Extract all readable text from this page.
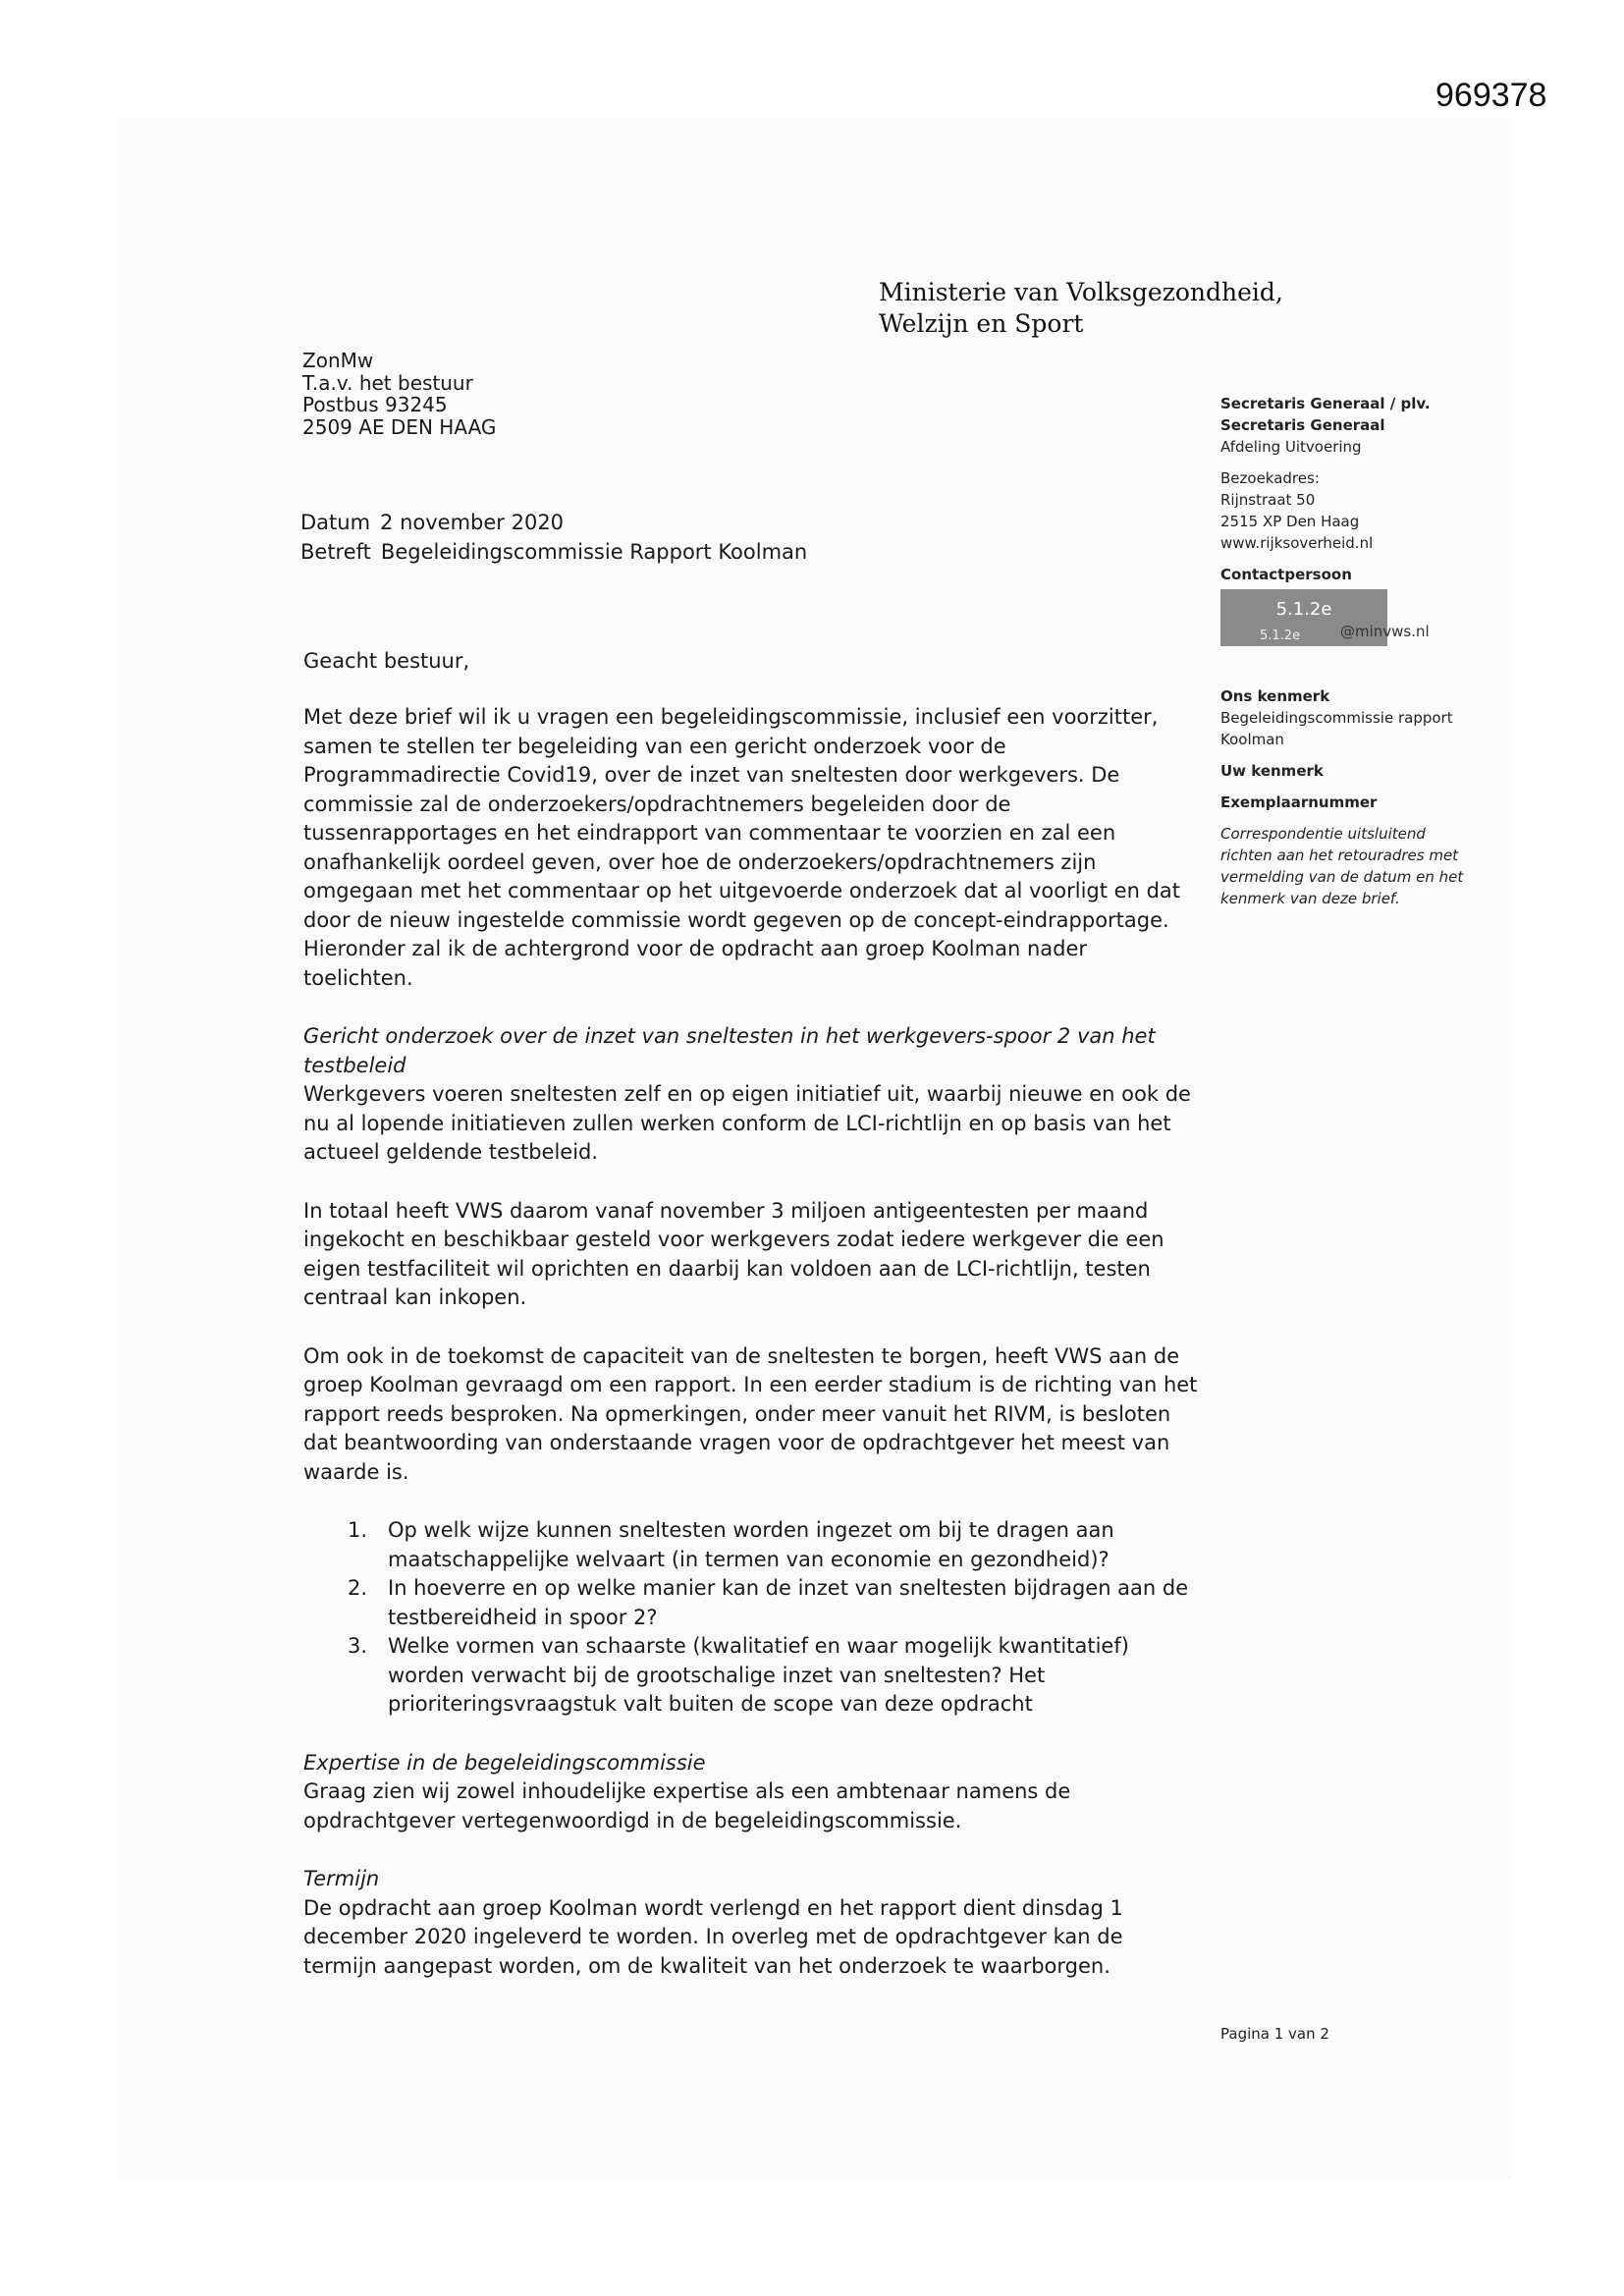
969378
Ministerie van Volksgezondheid,
Welzijn en Sport
ZonMw
T.a.v. het bestuur
Postbus 93245
2509 AE DEN HAAG
Datum 2 november 2020
Betreft Begeleidingscommissie Rapport Koolman
Geacht bestuur,

Met deze brief wil ik u vragen een begeleidingscommissie, inclusief een voorzitter, samen te stellen ter begeleiding van een gericht onderzoek voor de Programmadirectie Covid19, over de inzet van sneltesten door werkgevers. De commissie zal de onderzoekers/opdrachtnemers begeleiden door de tussenrapportages en het eindrapport van commentaar te voorzien en zal een onafhankelijk oordeel geven, over hoe de onderzoekers/opdrachtnemers zijn omgegaan met het commentaar op het uitgevoerde onderzoek dat al voorligt en dat door de nieuw ingestelde commissie wordt gegeven op de concept-eindrapportage. Hieronder zal ik de achtergrond voor de opdracht aan groep Koolman nader toelichten.

Gericht onderzoek over de inzet van sneltesten in het werkgevers-spoor 2 van het testbeleid

Werkgevers voeren sneltesten zelf en op eigen initiatief uit, waarbij nieuwe en ook de nu al lopende initiatieven zullen werken conform de LCI-richtlijn en op basis van het actueel geldende testbeleid.

In totaal heeft VWS daarom vanaf november 3 miljoen antigeentesten per maand ingekocht en beschikbaar gesteld voor werkgevers zodat iedere werkgever die een eigen testfaciliteit wil oprichten en daarbij kan voldoen aan de LCI-richtlijn, testen centraal kan inkopen.

Om ook in de toekomst de capaciteit van de sneltesten te borgen, heeft VWS aan de groep Koolman gevraagd om een rapport. In een eerder stadium is de richting van het rapport reeds besproken. Na opmerkingen, onder meer vanuit het RIVM, is besloten dat beantwoording van onderstaande vragen voor de opdrachtgever het meest van waarde is.

1. Op welk wijze kunnen sneltesten worden ingezet om bij te dragen aan maatschappelijke welvaart (in termen van economie en gezondheid)?
2. In hoeverre en op welke manier kan de inzet van sneltesten bijdragen aan de testbereidheid in spoor 2?
3. Welke vormen van schaarste (kwalitatief en waar mogelijk kwantitatief) worden verwacht bij de grootschalige inzet van sneltesten? Het prioriteringsvraagstuk valt buiten de scope van deze opdracht

Expertise in de begeleidingscommissie

Graag zien wij zowel inhoudelijke expertise als een ambtenaar namens de opdrachtgever vertegenwoordigd in de begeleidingscommissie.

Termijn

De opdracht aan groep Koolman wordt verlengd en het rapport dient dinsdag 1 december 2020 ingeleverd te worden. In overleg met de opdrachtgever kan de termijn aangepast worden, om de kwaliteit van het onderzoek te waarborgen.

Secretaris Generaal / plv.
Secretaris Generaal
Afdeling Uitvoering
Bezoekadres:
Rijnstraat 50
2515 XP Den Haag
www.rijksoverheid.nl
Contactpersoon
5.1.2e
5.1.2e	@minvws.nl
Ons kenmerk
Begeleidingscommissie rapport Koolman
Uw kenmerk
Exemplaarnummer
Correspondentie uitsluitend richten aan het retouradres met vermelding van de datum en het kenmerk van deze brief.
Pagina 1 van 2
